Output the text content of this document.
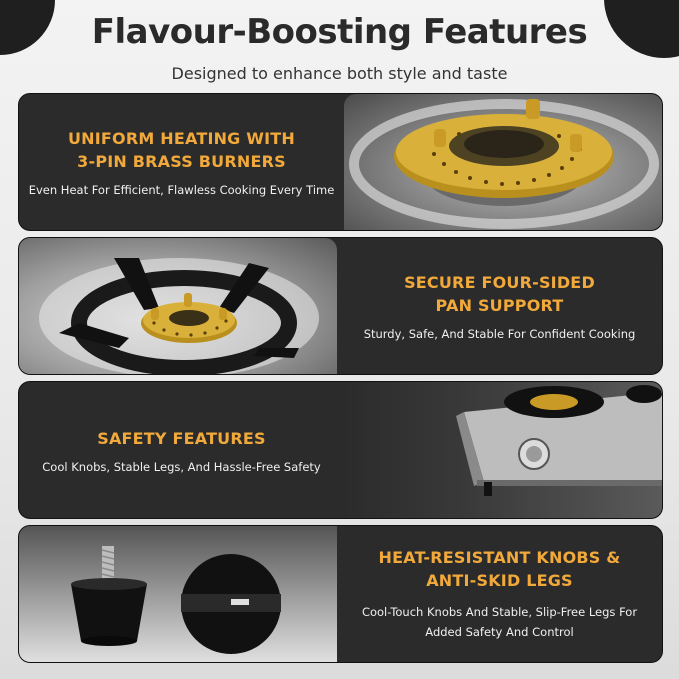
Flavour-Boosting Features
Designed to enhance both style and taste
UNIFORM HEATING WITH
3-PIN BRASS BURNERS
Even Heat For Efficient, Flawless Cooking Every Time
SECURE FOUR-SIDED
PAN SUPPORT
Sturdy, Safe, And Stable For Confident Cooking
SAFETY FEATURES
Cool Knobs, Stable Legs, And Hassle-Free Safety
HEAT-RESISTANT KNOBS &
ANTI-SKID LEGS
Cool-Touch Knobs And Stable, Slip-Free Legs For
Added Safety And Control
